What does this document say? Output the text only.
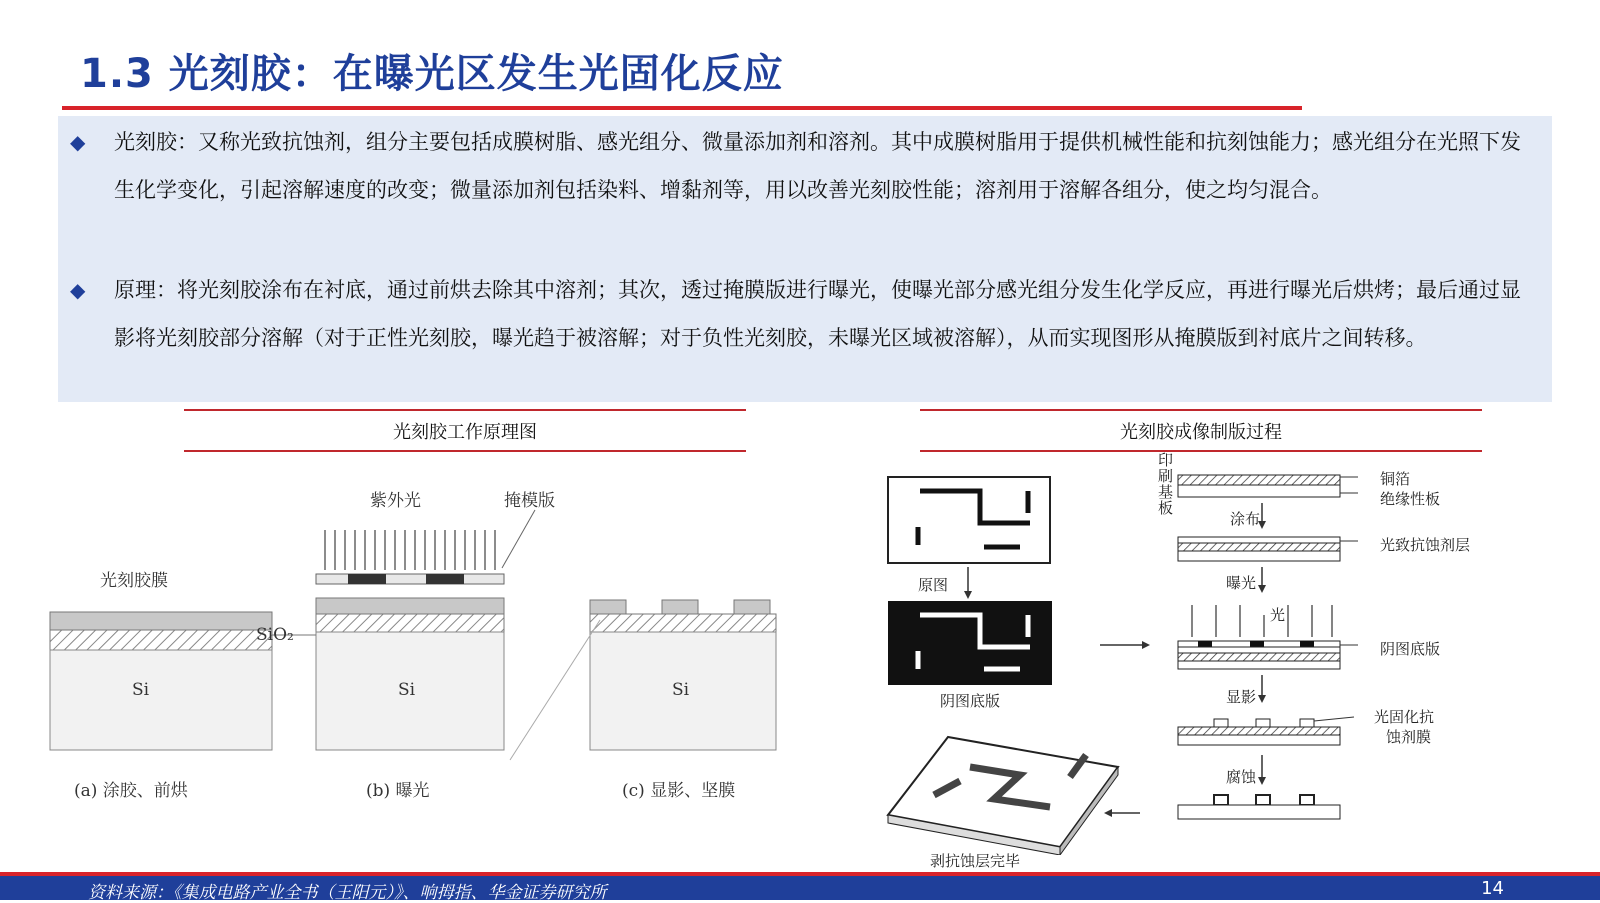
1.3 光刻胶：在曝光区发生光固化反应
◆ 光刻胶：又称光致抗蚀剂，组分主要包括成膜树脂、感光组分、微量添加剂和溶剂。其中成膜树脂用于提供机械性能和抗刻蚀能力；感光组分在光照下发生化学变化，引起溶解速度的改变；微量添加剂包括染料、增黏剂等，用以改善光刻胶性能；溶剂用于溶解各组分，使之均匀混合。
◆ 原理：将光刻胶涂布在衬底，通过前烘去除其中溶剂；其次，透过掩膜版进行曝光，使曝光部分感光组分发生化学反应，再进行曝光后烘烤；最后通过显影将光刻胶部分溶解（对于正性光刻胶，曝光趋于被溶解；对于负性光刻胶，未曝光区域被溶解），从而实现图形从掩膜版到衬底片之间转移。
光刻胶工作原理图	光刻胶成像制版过程
紫外光	掩模版
光刻胶膜
SiO₂
Si	Si	Si
(a) 涂胶、前烘	(b) 曝光	(c) 显影、坚膜
印刷基板
铜箔
绝缘性板
涂布
光致抗蚀剂层
曝光
光
阴图底版
显影
光固化抗
蚀剂膜
腐蚀
原图
阴图底版
剥抗蚀层完毕
资料来源：《集成电路产业全书（王阳元）》、响拇指、华金证券研究所	14
